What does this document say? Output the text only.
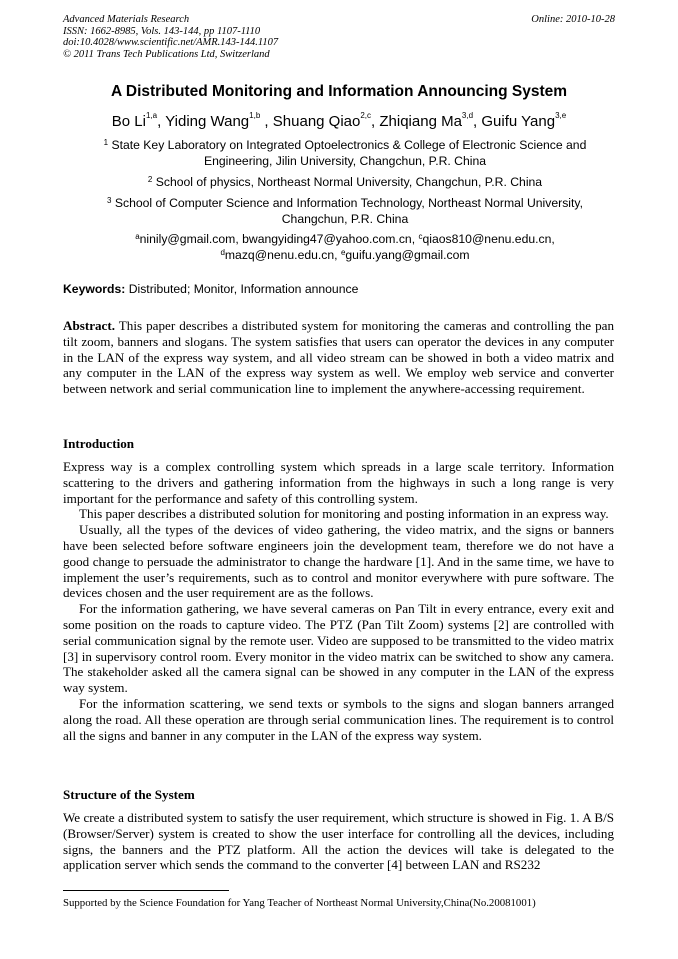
Advanced Materials Research
ISSN: 1662-8985, Vols. 143-144, pp 1107-1110
doi:10.4028/www.scientific.net/AMR.143-144.1107
© 2011 Trans Tech Publications Ltd, Switzerland
Online: 2010-10-28
A Distributed Monitoring and Information Announcing System
Bo Li$^{1,a}$, Yiding Wang$^{1,b}$ , Shuang Qiao$^{2,c}$, Zhiqiang Ma$^{3,d}$, Guifu Yang$^{3,e}$
$^1$ State Key Laboratory on Integrated Optoelectronics & College of Electronic Science and Engineering, Jilin University, Changchun, P.R. China
$^2$ School of physics, Northeast Normal University, Changchun, P.R. China
$^3$ School of Computer Science and Information Technology, Northeast Normal University, Changchun, P.R. China
$^a$ninily@gmail.com, bwangyiding47@yahoo.com.cn, $^c$qiaos810@nenu.edu.cn,
$^d$mazq@nenu.edu.cn, $^e$guifu.yang@gmail.com
Keywords: Distributed; Monitor, Information announce

Abstract. This paper describes a distributed system for monitoring the cameras and controlling the pan tilt zoom, banners and slogans. The system satisfies that users can operator the devices in any computer in the LAN of the express way system, and all video stream can be showed in both a video matrix and any computer in the LAN of the express way system as well. We employ web service and converter between network and serial communication line to implement the anywhere-accessing requirement.

Introduction

Express way is a complex controlling system which spreads in a large scale territory. Information scattering to the drivers and gathering information from the highways in such a long range is very important for the performance and safety of this controlling system.

This paper describes a distributed solution for monitoring and posting information in an express way.

Usually, all the types of the devices of video gathering, the video matrix, and the signs or banners have been selected before software engineers join the development team, therefore we do not have a good change to persuade the administrator to change the hardware [1]. And in the same time, we have to implement the user’s requirements, such as to control and monitor everywhere with pure software. The devices chosen and the user requirement are as the follows.

For the information gathering, we have several cameras on Pan Tilt in every entrance, every exit and some position on the roads to capture video. The PTZ (Pan Tilt Zoom) systems [2] are controlled with serial communication signal by the remote user. Video are supposed to be transmitted to the video matrix [3] in supervisory control room. Every monitor in the video matrix can be switched to show any camera. The stakeholder asked all the camera signal can be showed in any computer in the LAN of the express way system.

For the information scattering, we send texts or symbols to the signs and slogan banners arranged along the road. All these operation are through serial communication lines. The requirement is to control all the signs and banner in any computer in the LAN of the express way system.

Structure of the System

We create a distributed system to satisfy the user requirement, which structure is showed in Fig. 1. A B/S (Browser/Server) system is created to show the user interface for controlling all the devices, including signs, the banners and the PTZ platform. All the action the devices will take is delegated to the application server which sends the command to the converter [4] between LAN and RS232

Supported by the Science Foundation for Yang Teacher of Northeast Normal University,China(No.20081001)
